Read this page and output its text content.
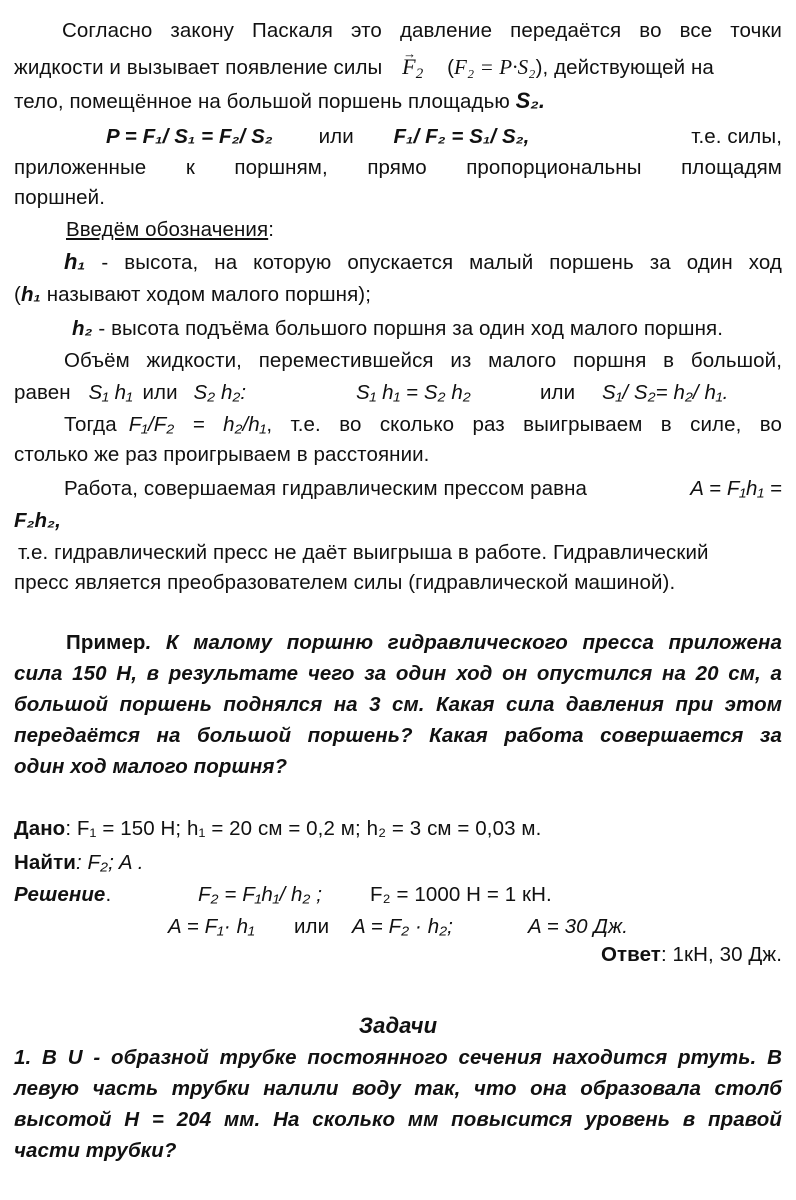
Согласно закону Паскаля это давление передаётся во все точки
жидкости и вызывает появление силы $F \to_2$ (F₂ = P·S₂), действующей на
тело, помещённое на большой поршень площадью S₂.
P = F₁/ S₁ = F₂/ S₂ или F₁/ F₂ = S₁/ S₂,	т.е. силы,
приложенные к поршням, прямо пропорциональны площадям
поршней.
Введём обозначения:
h₁ - высота, на которую опускается малый поршень за один ход
(h₁ называют ходом малого поршня);
h₂ - высота подъёма большого поршня за один ход малого поршня.
Объём жидкости, переместившейся из малого поршня в большой,
равен S₁ h₁ или S₂ h₂:	S₁ h₁ = S₂ h₂	или S₁/ S₂= h₂/ h₁.
Тогда F₁/F₂ = h₂/h₁, т.е. во сколько раз выигрываем в силе, во
столько же раз проигрываем в расстоянии.
Работа, совершаемая гидравлическим прессом равна	A = F₁h₁ =
F₂h₂,
т.е. гидравлический пресс не даёт выигрыша в работе. Гидравлический
пресс является преобразователем силы (гидравлической машиной).
Пример. К малому поршню гидравлического пресса приложена
сила 150 Н, в результате чего за один ход он опустился на 20 см, а
большой поршень поднялся на 3 см. Какая сила давления при этом
передаётся на большой поршень? Какая работа совершается за
один ход малого поршня?
Дано: F₁ = 150 Н; h₁ = 20 см = 0,2 м; h₂ = 3 см = 0,03 м.
Найти: F₂; A .
Решение.	F₂ = F₁h₁/ h₂ ; F₂ = 1000 Н = 1 кН.
A = F₁· h₁ или A = F₂ · h₂;	A = 30 Дж.
Ответ: 1кН, 30 Дж.
Задачи
1. В U - образной трубке постоянного сечения находится ртуть. В
левую часть трубки налили воду так, что она образовала столб
высотой Н = 204 мм. На сколько мм повысится уровень в правой
части трубки?
